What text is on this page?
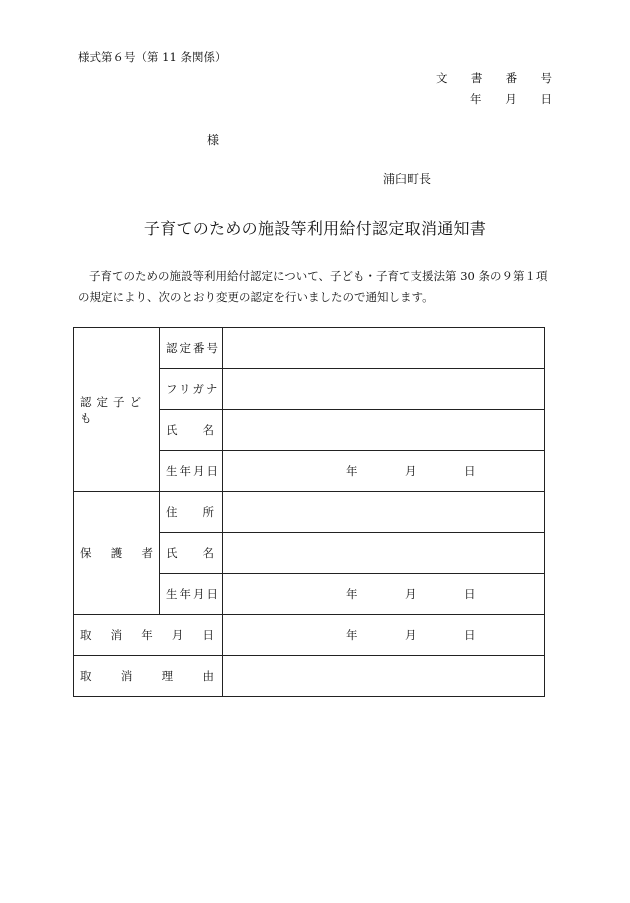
様式第６号（第 11 条関係）
文 書 番 号
年 月 日
様
浦臼町長
子育てのための施設等利用給付認定取消通知書
子育てのための施設等利用給付認定について、子ども・子育て支援法第 30 条の９第１項の規定により、次のとおり変更の認定を行いましたので通知します。
認定子ども	認定番号	
	フリガナ	

	氏 名	

	生年月日	年 月 日

保 護 者	住 所	

	氏 名	

	生年月日	年 月 日

取 消 年 月 日		年 月 日

取 消 理 由		
